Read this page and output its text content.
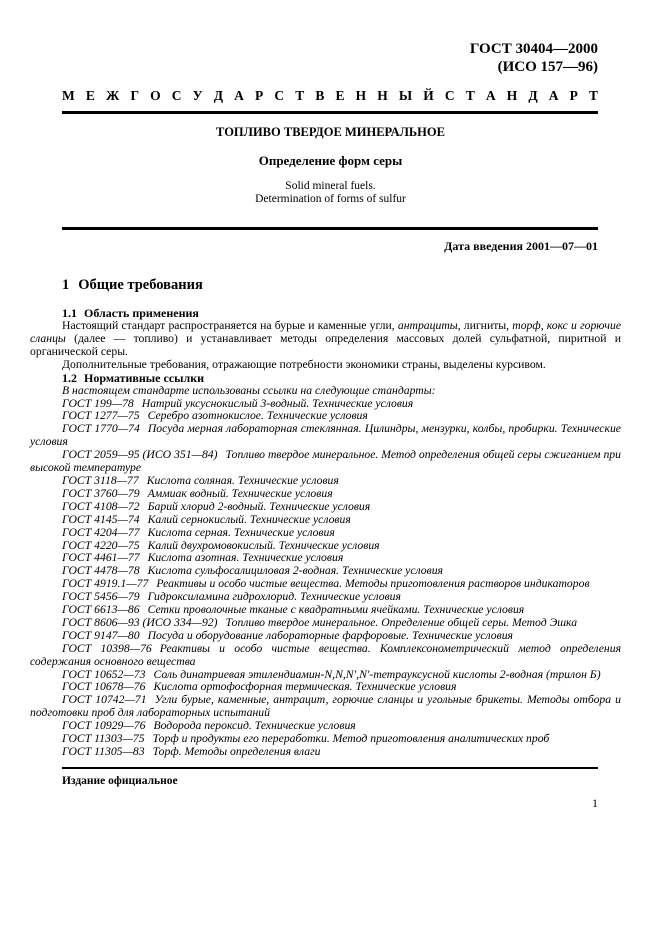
ГОСТ 30404—2000
(ИСО 157—96)
М Е Ж Г О С У Д А Р С Т В Е Н Н Ы Й С Т А Н Д А Р Т
ТОПЛИВО ТВЕРДОЕ МИНЕРАЛЬНОЕ
Определение форм серы
Solid mineral fuels.
Determination of forms of sulfur
Дата введения 2001—07—01
1 Общие требования
1.1 Область применения

Настоящий стандарт распространяется на бурые и каменные угли, антрациты, лигниты, торф, кокс и горючие сланцы (далее — топливо) и устанавливает методы определения массовых долей сульфатной, пиритной и органической серы.

Дополнительные требования, отражающие потребности экономики страны, выделены курсивом.

1.2 Нормативные ссылки

В настоящем стандарте использованы ссылки на следующие стандарты:

ГОСТ 199—78 Натрий уксуснокислый 3-водный. Технические условия

ГОСТ 1277—75 Серебро азотнокислое. Технические условия

ГОСТ 1770—74 Посуда мерная лабораторная стеклянная. Цилиндры, мензурки, колбы, пробирки. Технические условия

ГОСТ 2059—95 (ИСО 351—84) Топливо твердое минеральное. Метод определения общей серы сжиганием при высокой температуре

ГОСТ 3118—77 Кислота соляная. Технические условия

ГОСТ 3760—79 Аммиак водный. Технические условия

ГОСТ 4108—72 Барий хлорид 2-водный. Технические условия

ГОСТ 4145—74 Калий сернокислый. Технические условия

ГОСТ 4204—77 Кислота серная. Технические условия

ГОСТ 4220—75 Калий двухромовокислый. Технические условия

ГОСТ 4461—77 Кислота азотная. Технические условия

ГОСТ 4478—78 Кислота сульфосалициловая 2-водная. Технические условия

ГОСТ 4919.1—77 Реактивы и особо чистые вещества. Методы приготовления растворов индикаторов

ГОСТ 5456—79 Гидроксиламина гидрохлорид. Технические условия

ГОСТ 6613—86 Сетки проволочные тканые с квадратными ячейками. Технические условия

ГОСТ 8606—93 (ИСО 334—92) Топливо твердое минеральное. Определение общей серы. Метод Эшка

ГОСТ 9147—80 Посуда и оборудование лабораторные фарфоровые. Технические условия

ГОСТ 10398—76 Реактивы и особо чистые вещества. Комплексонометрический метод определения содержания основного вещества

ГОСТ 10652—73 Соль динатриевая этилендиамин-N,N,N′,N′-тетрауксусной кислоты 2-водная (трилон Б)

ГОСТ 10678—76 Кислота ортофосфорная термическая. Технические условия

ГОСТ 10742—71 Угли бурые, каменные, антрацит, горючие сланцы и угольные брикеты. Методы отбора и подготовки проб для лабораторных испытаний

ГОСТ 10929—76 Водорода пероксид. Технические условия

ГОСТ 11303—75 Торф и продукты его переработки. Метод приготовления аналитических проб

ГОСТ 11305—83 Торф. Методы определения влаги

Издание официальное
1
